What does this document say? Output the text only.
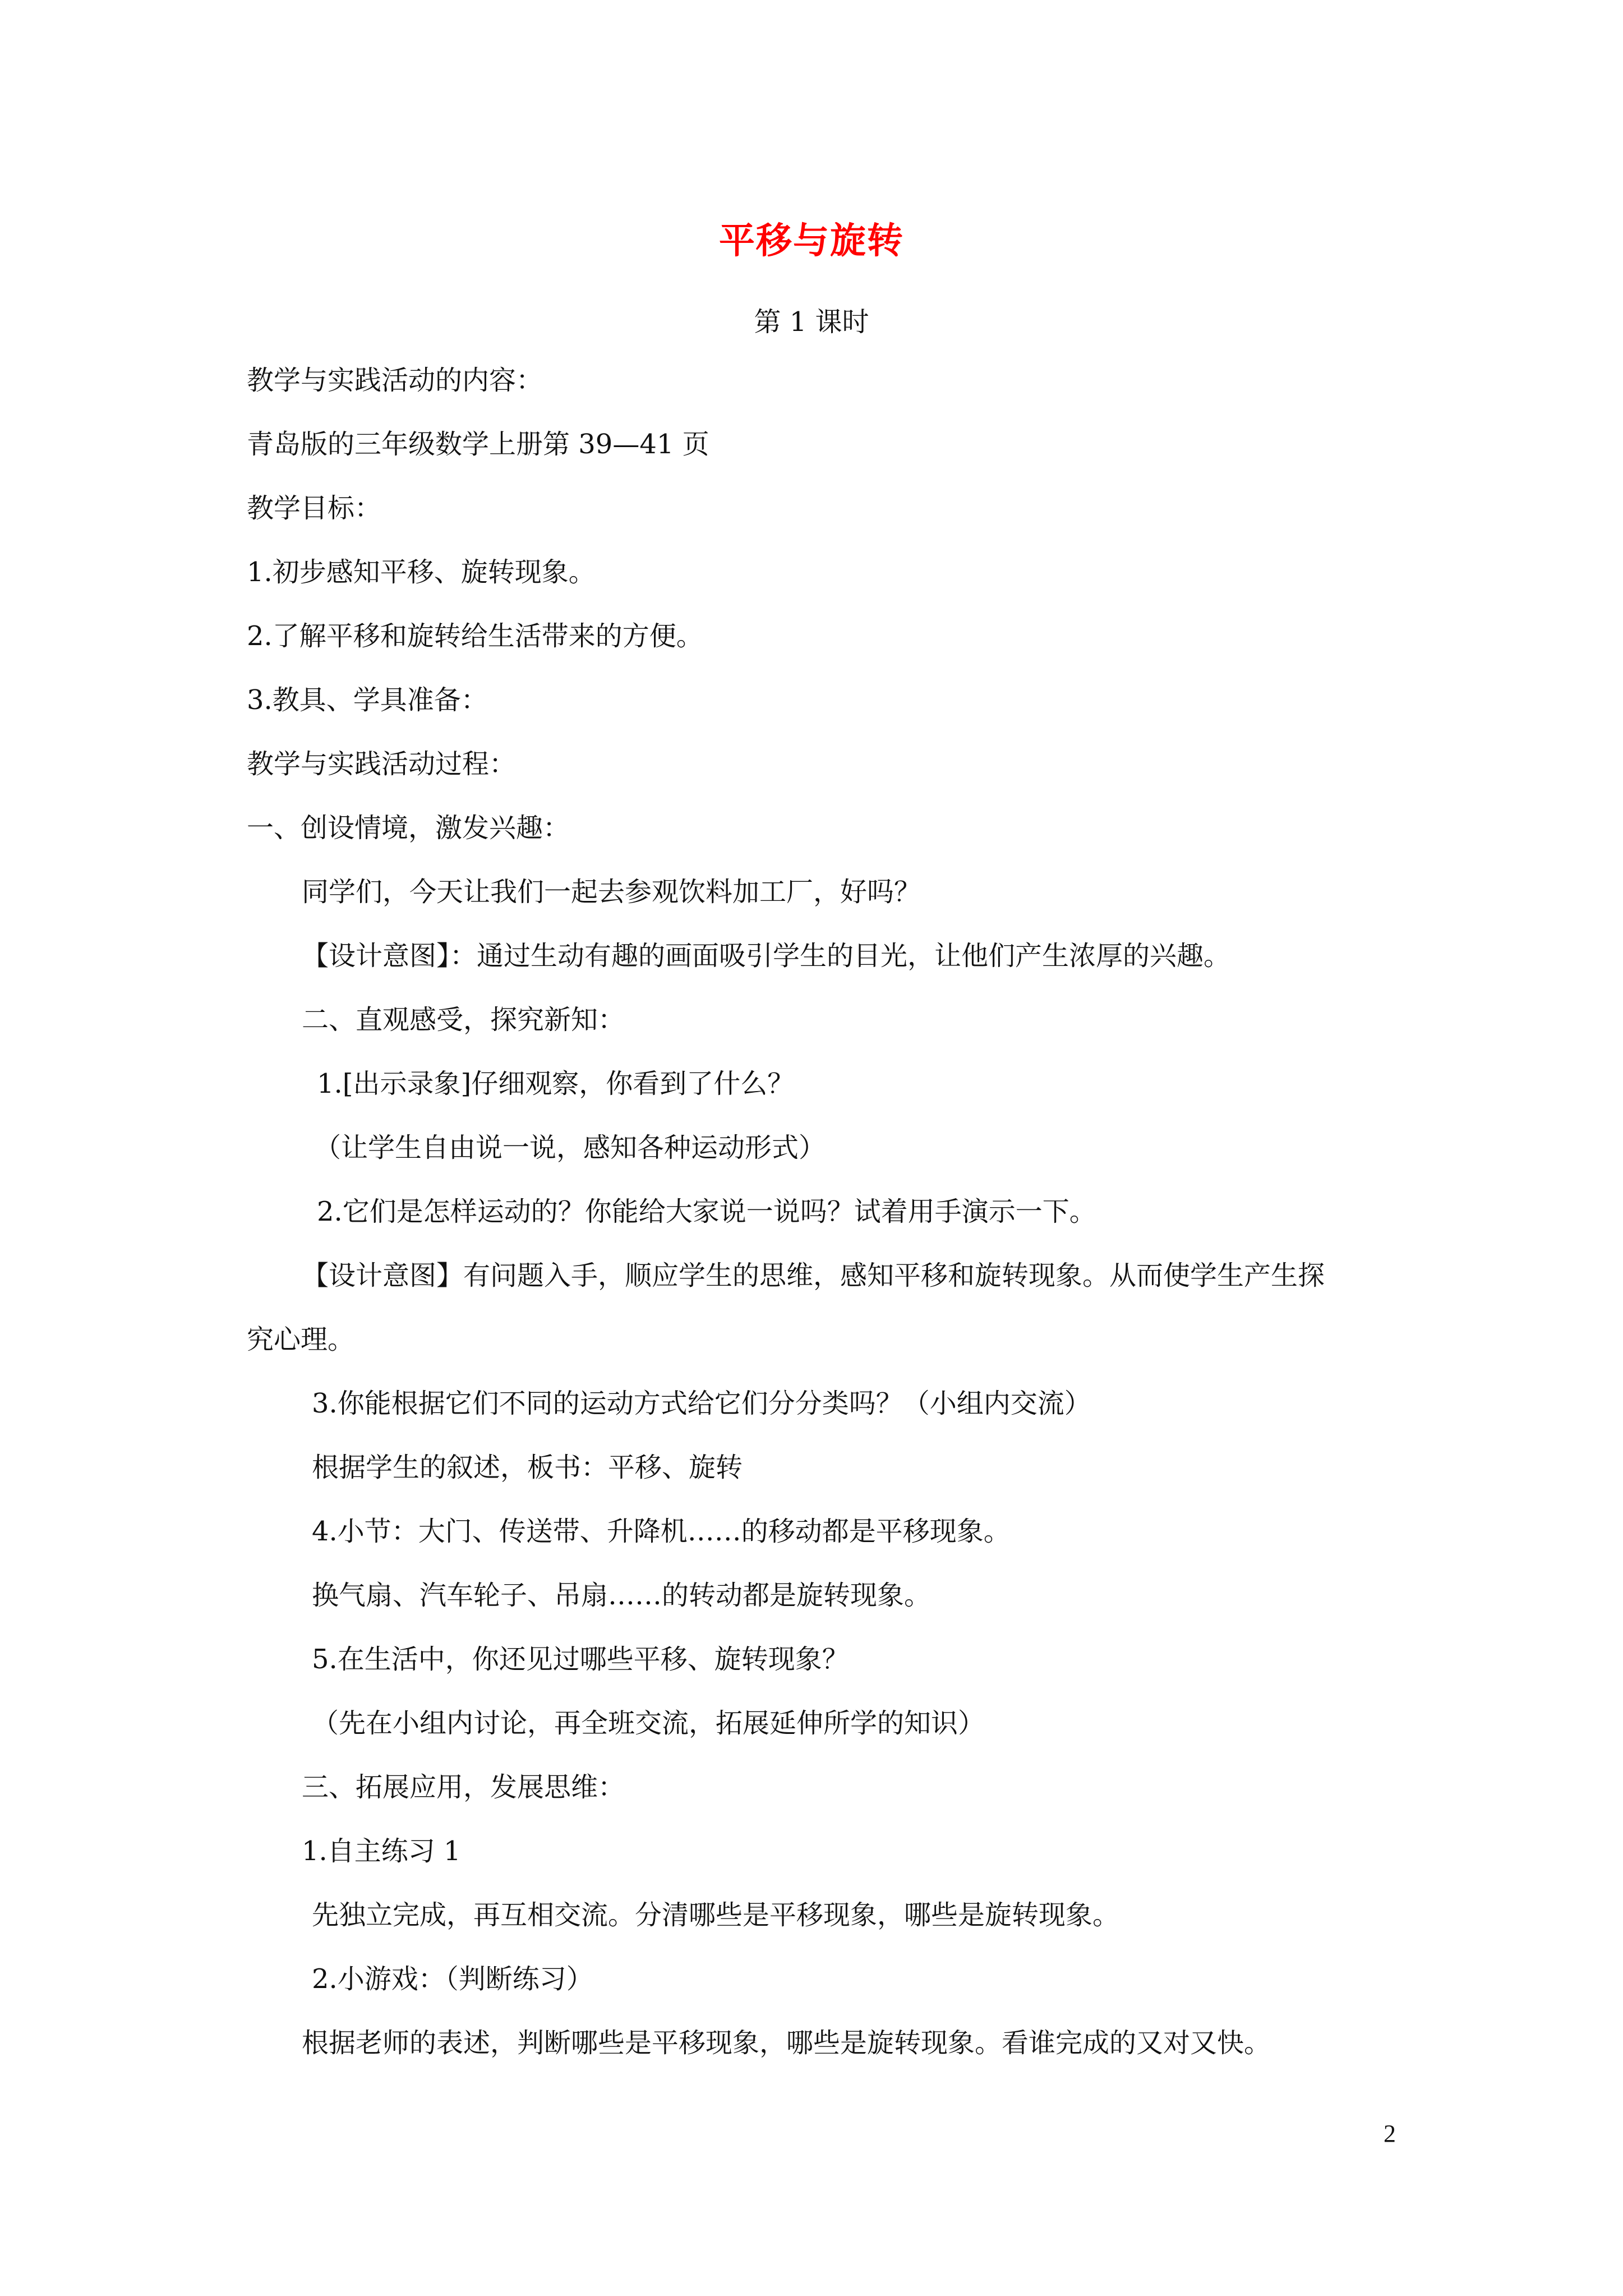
平移与旋转
第 1 课时
教学与实践活动的内容：
青岛版的三年级数学上册第 39—41 页
教学目标：
1.初步感知平移、旋转现象。
2.了解平移和旋转给生活带来的方便。
3.教具、学具准备：
教学与实践活动过程：
一、创设情境，激发兴趣：
同学们，今天让我们一起去参观饮料加工厂，好吗？
【设计意图】：通过生动有趣的画面吸引学生的目光，让他们产生浓厚的兴趣。
二、直观感受，探究新知：
1.[出示录象]仔细观察，你看到了什么？
（让学生自由说一说，感知各种运动形式）
2.它们是怎样运动的？你能给大家说一说吗？试着用手演示一下。
【设计意图】有问题入手，顺应学生的思维，感知平移和旋转现象。从而使学生产生探
究心理。
3.你能根据它们不同的运动方式给它们分分类吗？（小组内交流）
根据学生的叙述，板书：平移、旋转
4.小节：大门、传送带、升降机……的移动都是平移现象。
换气扇、汽车轮子、吊扇……的转动都是旋转现象。
5.在生活中，你还见过哪些平移、旋转现象？
（先在小组内讨论，再全班交流，拓展延伸所学的知识）
三、拓展应用，发展思维：
1.自主练习 1
先独立完成，再互相交流。分清哪些是平移现象，哪些是旋转现象。
2.小游戏：（判断练习）
根据老师的表述，判断哪些是平移现象，哪些是旋转现象。看谁完成的又对又快。
2
